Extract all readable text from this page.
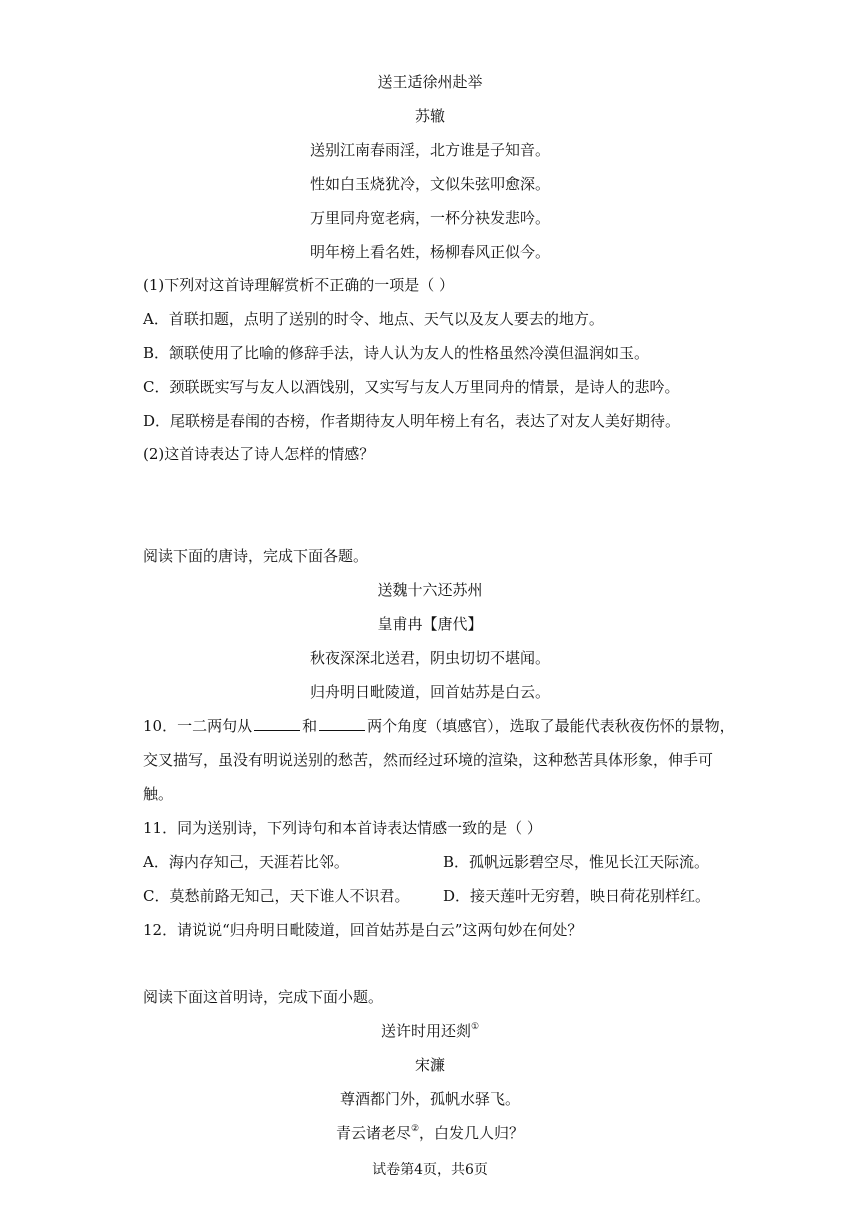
送王适徐州赴举
苏辙
送别江南春雨淫，北方谁是子知音。
性如白玉烧犹冷，文似朱弦叩愈深。
万里同舟宽老病，一杯分袂发悲吟。
明年榜上看名姓，杨柳春风正似今。
(1)下列对这首诗理解赏析不正确的一项是（ ）
A．首联扣题，点明了送别的时令、地点、天气以及友人要去的地方。
B．颔联使用了比喻的修辞手法，诗人认为友人的性格虽然冷漠但温润如玉。
C．颈联既实写与友人以酒饯别，又实写与友人万里同舟的情景，是诗人的悲吟。
D．尾联榜是春闱的杏榜，作者期待友人明年榜上有名，表达了对友人美好期待。
(2)这首诗表达了诗人怎样的情感？
阅读下面的唐诗，完成下面各题。
送魏十六还苏州
皇甫冉【唐代】
秋夜深深北送君，阴虫切切不堪闻。
归舟明日毗陵道，回首姑苏是白云。
10．一二两句从	和	两个角度（填感官），选取了最能代表秋夜伤怀的景物，
交叉描写，虽没有明说送别的愁苦，然而经过环境的渲染，这种愁苦具体形象，伸手可
触。
11．同为送别诗，下列诗句和本首诗表达情感一致的是（ ）
A．海内存知己，天涯若比邻。	B．孤帆远影碧空尽，惟见长江天际流。
C．莫愁前路无知己，天下谁人不识君。 D．接天莲叶无穷碧，映日荷花别样红。
12．请说说“归舟明日毗陵道，回首姑苏是白云”这两句妙在何处？
阅读下面这首明诗，完成下面小题。
送许时用还剡①
宋濂
尊酒都门外，孤帆水驿飞。
青云诸老尽②，白发几人归？
试卷第4页，共6页
